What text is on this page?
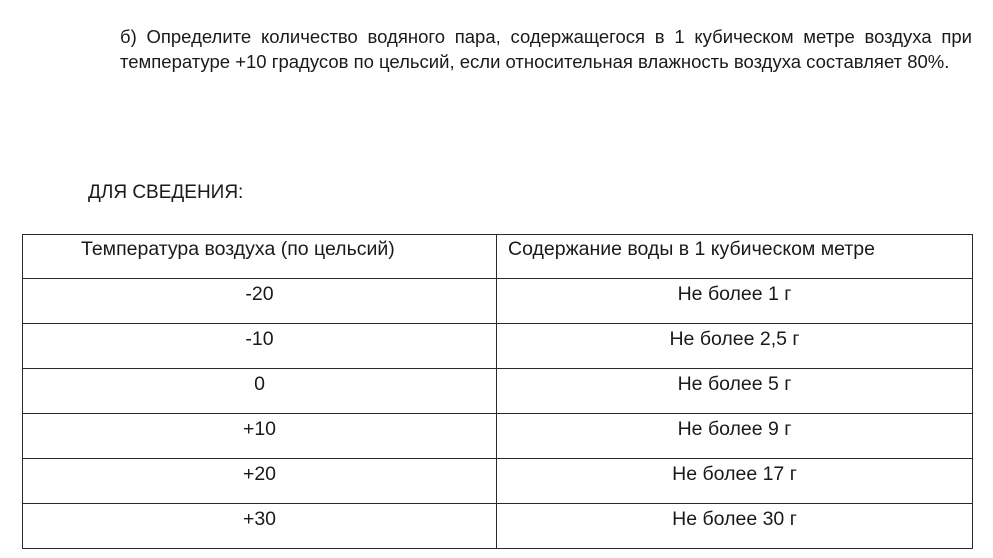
б) Определите количество водяного пара, содержащегося в 1 кубическом метре воздуха при температуре +10 градусов по цельсий, если относительная влажность воздуха составляет 80%.

ДЛЯ СВЕДЕНИЯ:
Температура воздуха (по цельсий)	Содержание воды в 1 кубическом метре
-20	Не более 1 г
-10	Не более 2,5 г
0	Не более 5 г
+10	Не более 9 г
+20	Не более 17 г
+30	Не более 30 г
